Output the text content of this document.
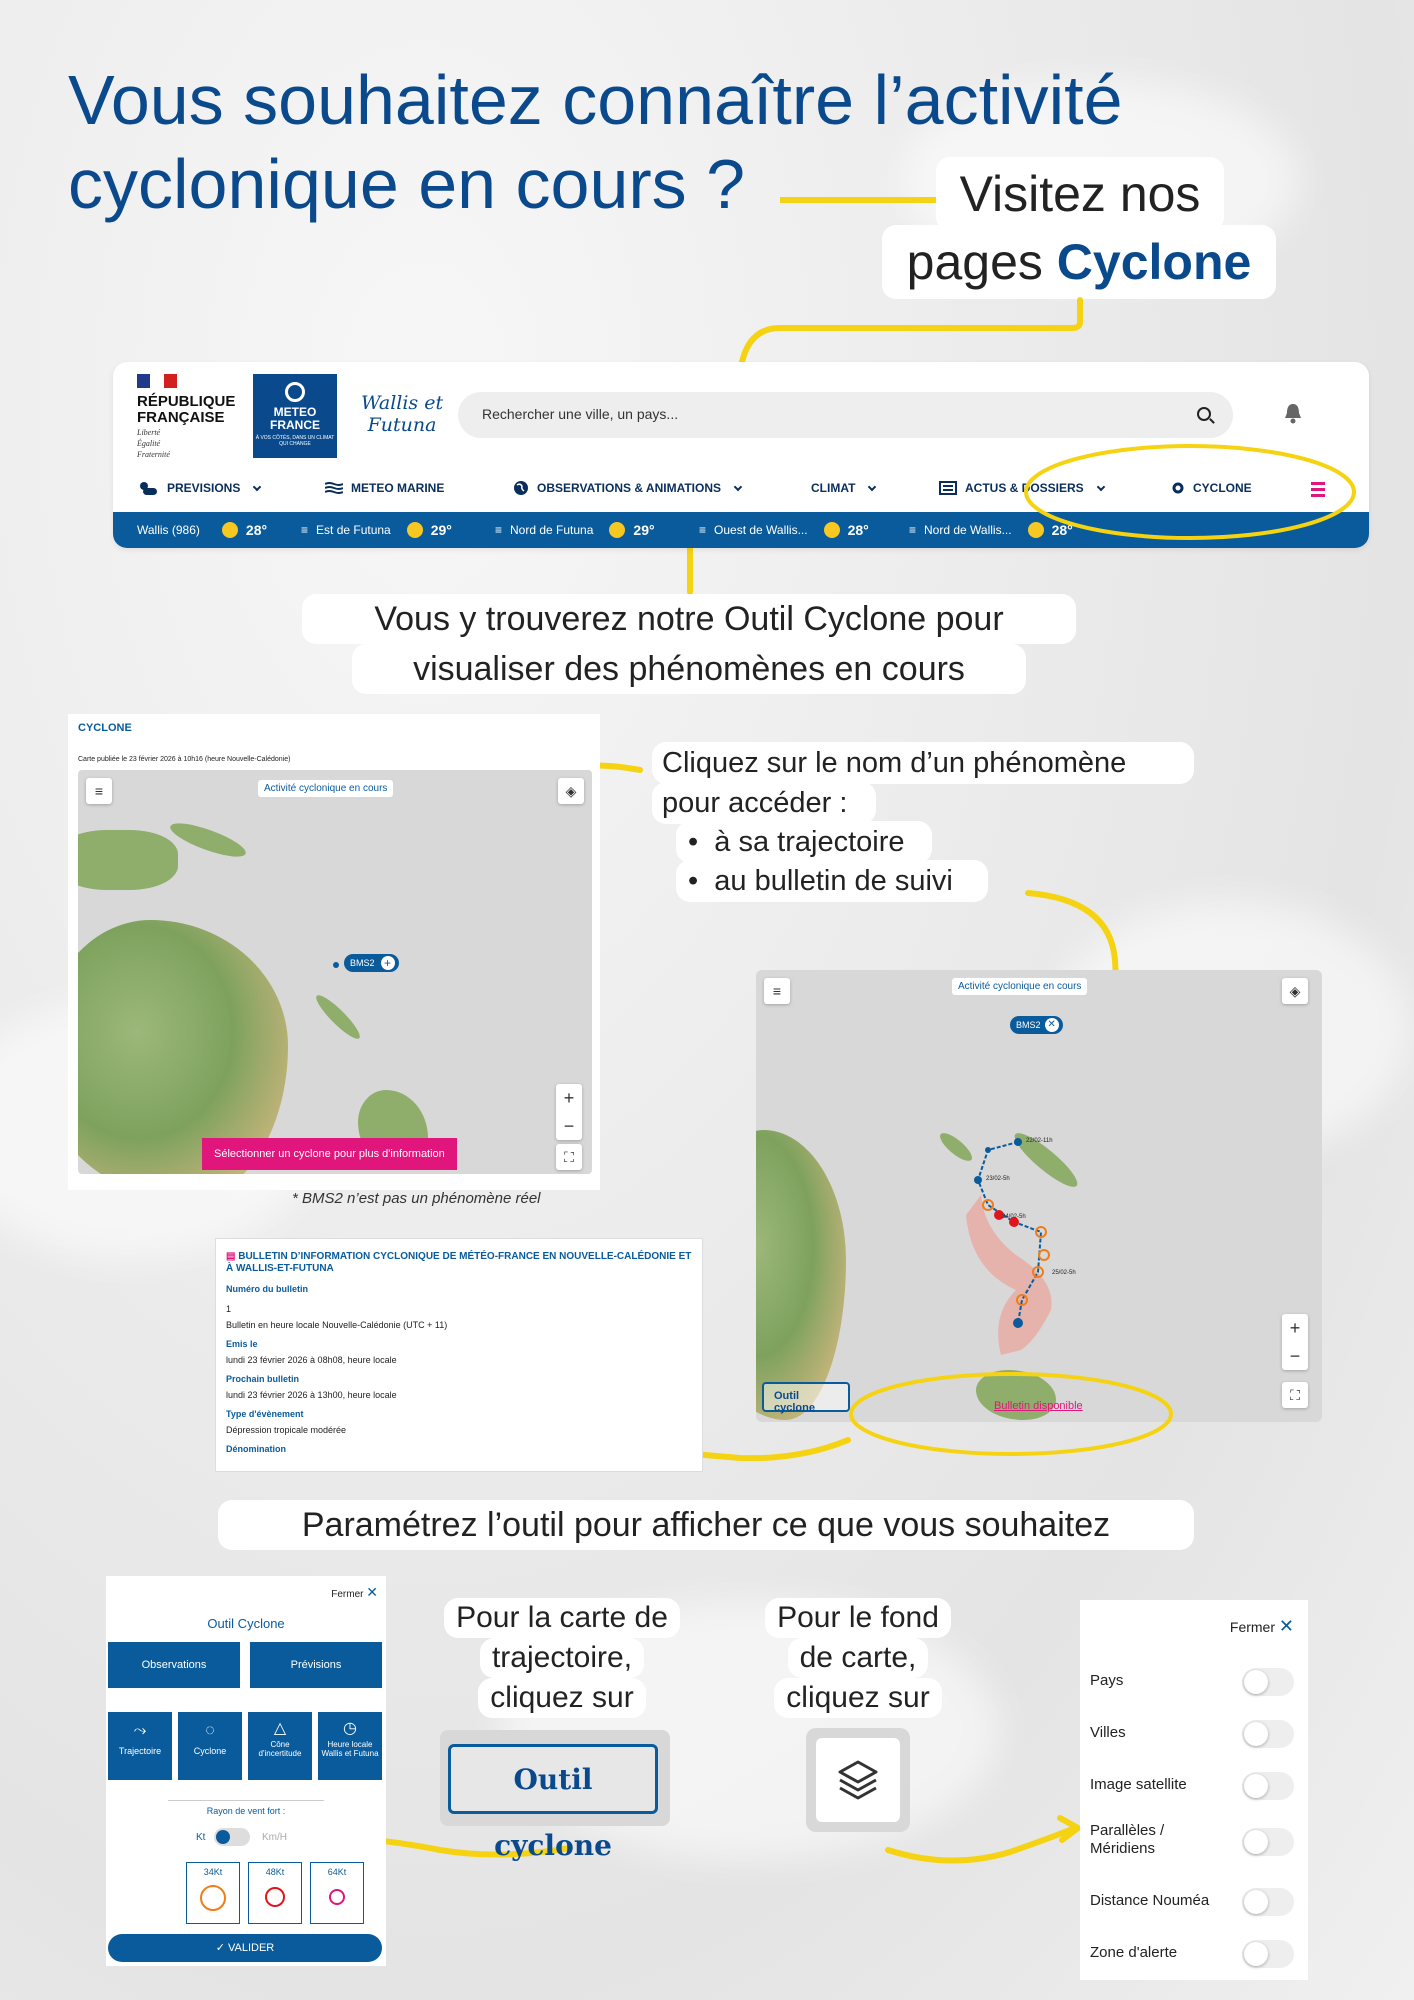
Vous souhaitez connaître l’activité
cyclonique en cours ?	Visitez nos
pages Cyclone
RÉPUBLIQUE
FRANÇAISE
Liberté
Égalité
Fraternité
METEO
FRANCE
À VOS CÔTÉS, DANS UN CLIMAT QUI CHANGE
Wallis et
Futuna	Rechercher une ville, un pays...
PREVISIONS	METEO MARINE	OBSERVATIONS & ANIMATIONS	CLIMAT	ACTUS & DOSSIERS	CYCLONE
Wallis (986)	28°	≡ Est de Futuna	29°	≡ Nord de Futuna	29°	≡ Ouest de Wallis...	28°	≡ Nord de Wallis...	28°
Vous y trouverez notre Outil Cyclone pour
visualiser des phénomènes en cours
CYCLONE
Carte publiée le 23 février 2026 à 10h16 (heure Nouvelle-Calédonie)
≡	Activité cyclonique en cours	◈
BMS2 +
+
−
⛶
Sélectionner un cyclone pour plus d'information
* BMS2 n’est pas un phénomène réel
Cliquez sur le nom d’un phénomène
pour accéder :
•  à sa trajectoire
•  au bulletin de suivi
≡	Activité cyclonique en cours	◈
BMS2 ✕
22/02-11h
23/02-5h
24/02-5h
25/02-5h
+
−
⛶
Outil cyclone	Bulletin disponible
▤ BULLETIN D’INFORMATION CYCLONIQUE DE MÉTÉO-FRANCE EN NOUVELLE-CALÉDONIE ET À WALLIS-ET-FUTUNA
Numéro du bulletin
1
Bulletin en heure locale Nouvelle-Calédonie (UTC + 11)
Emis le
lundi 23 février 2026 à 08h08, heure locale
Prochain bulletin
lundi 23 février 2026 à 13h00, heure locale
Type d'évènement
Dépression tropicale modérée
Dénomination
Paramétrez l’outil pour afficher ce que vous souhaitez
Fermer ✕
Outil Cyclone
Observations	Prévisions
⤳
Trajectoire
◌
Cyclone
△
Cône d'incertitude
◷
Heure locale Wallis et Futuna
Rayon de vent fort :
Kt	Km/H
34Kt	48Kt	64Kt
✓ VALIDER
Pour la carte de
trajectoire,
cliquez sur
Outil cyclone
Pour le fond
de carte,
cliquez sur
Fermer ✕
Pays
Villes
Image satellite
Parallèles / Méridiens
Distance Nouméa
Zone d'alerte
